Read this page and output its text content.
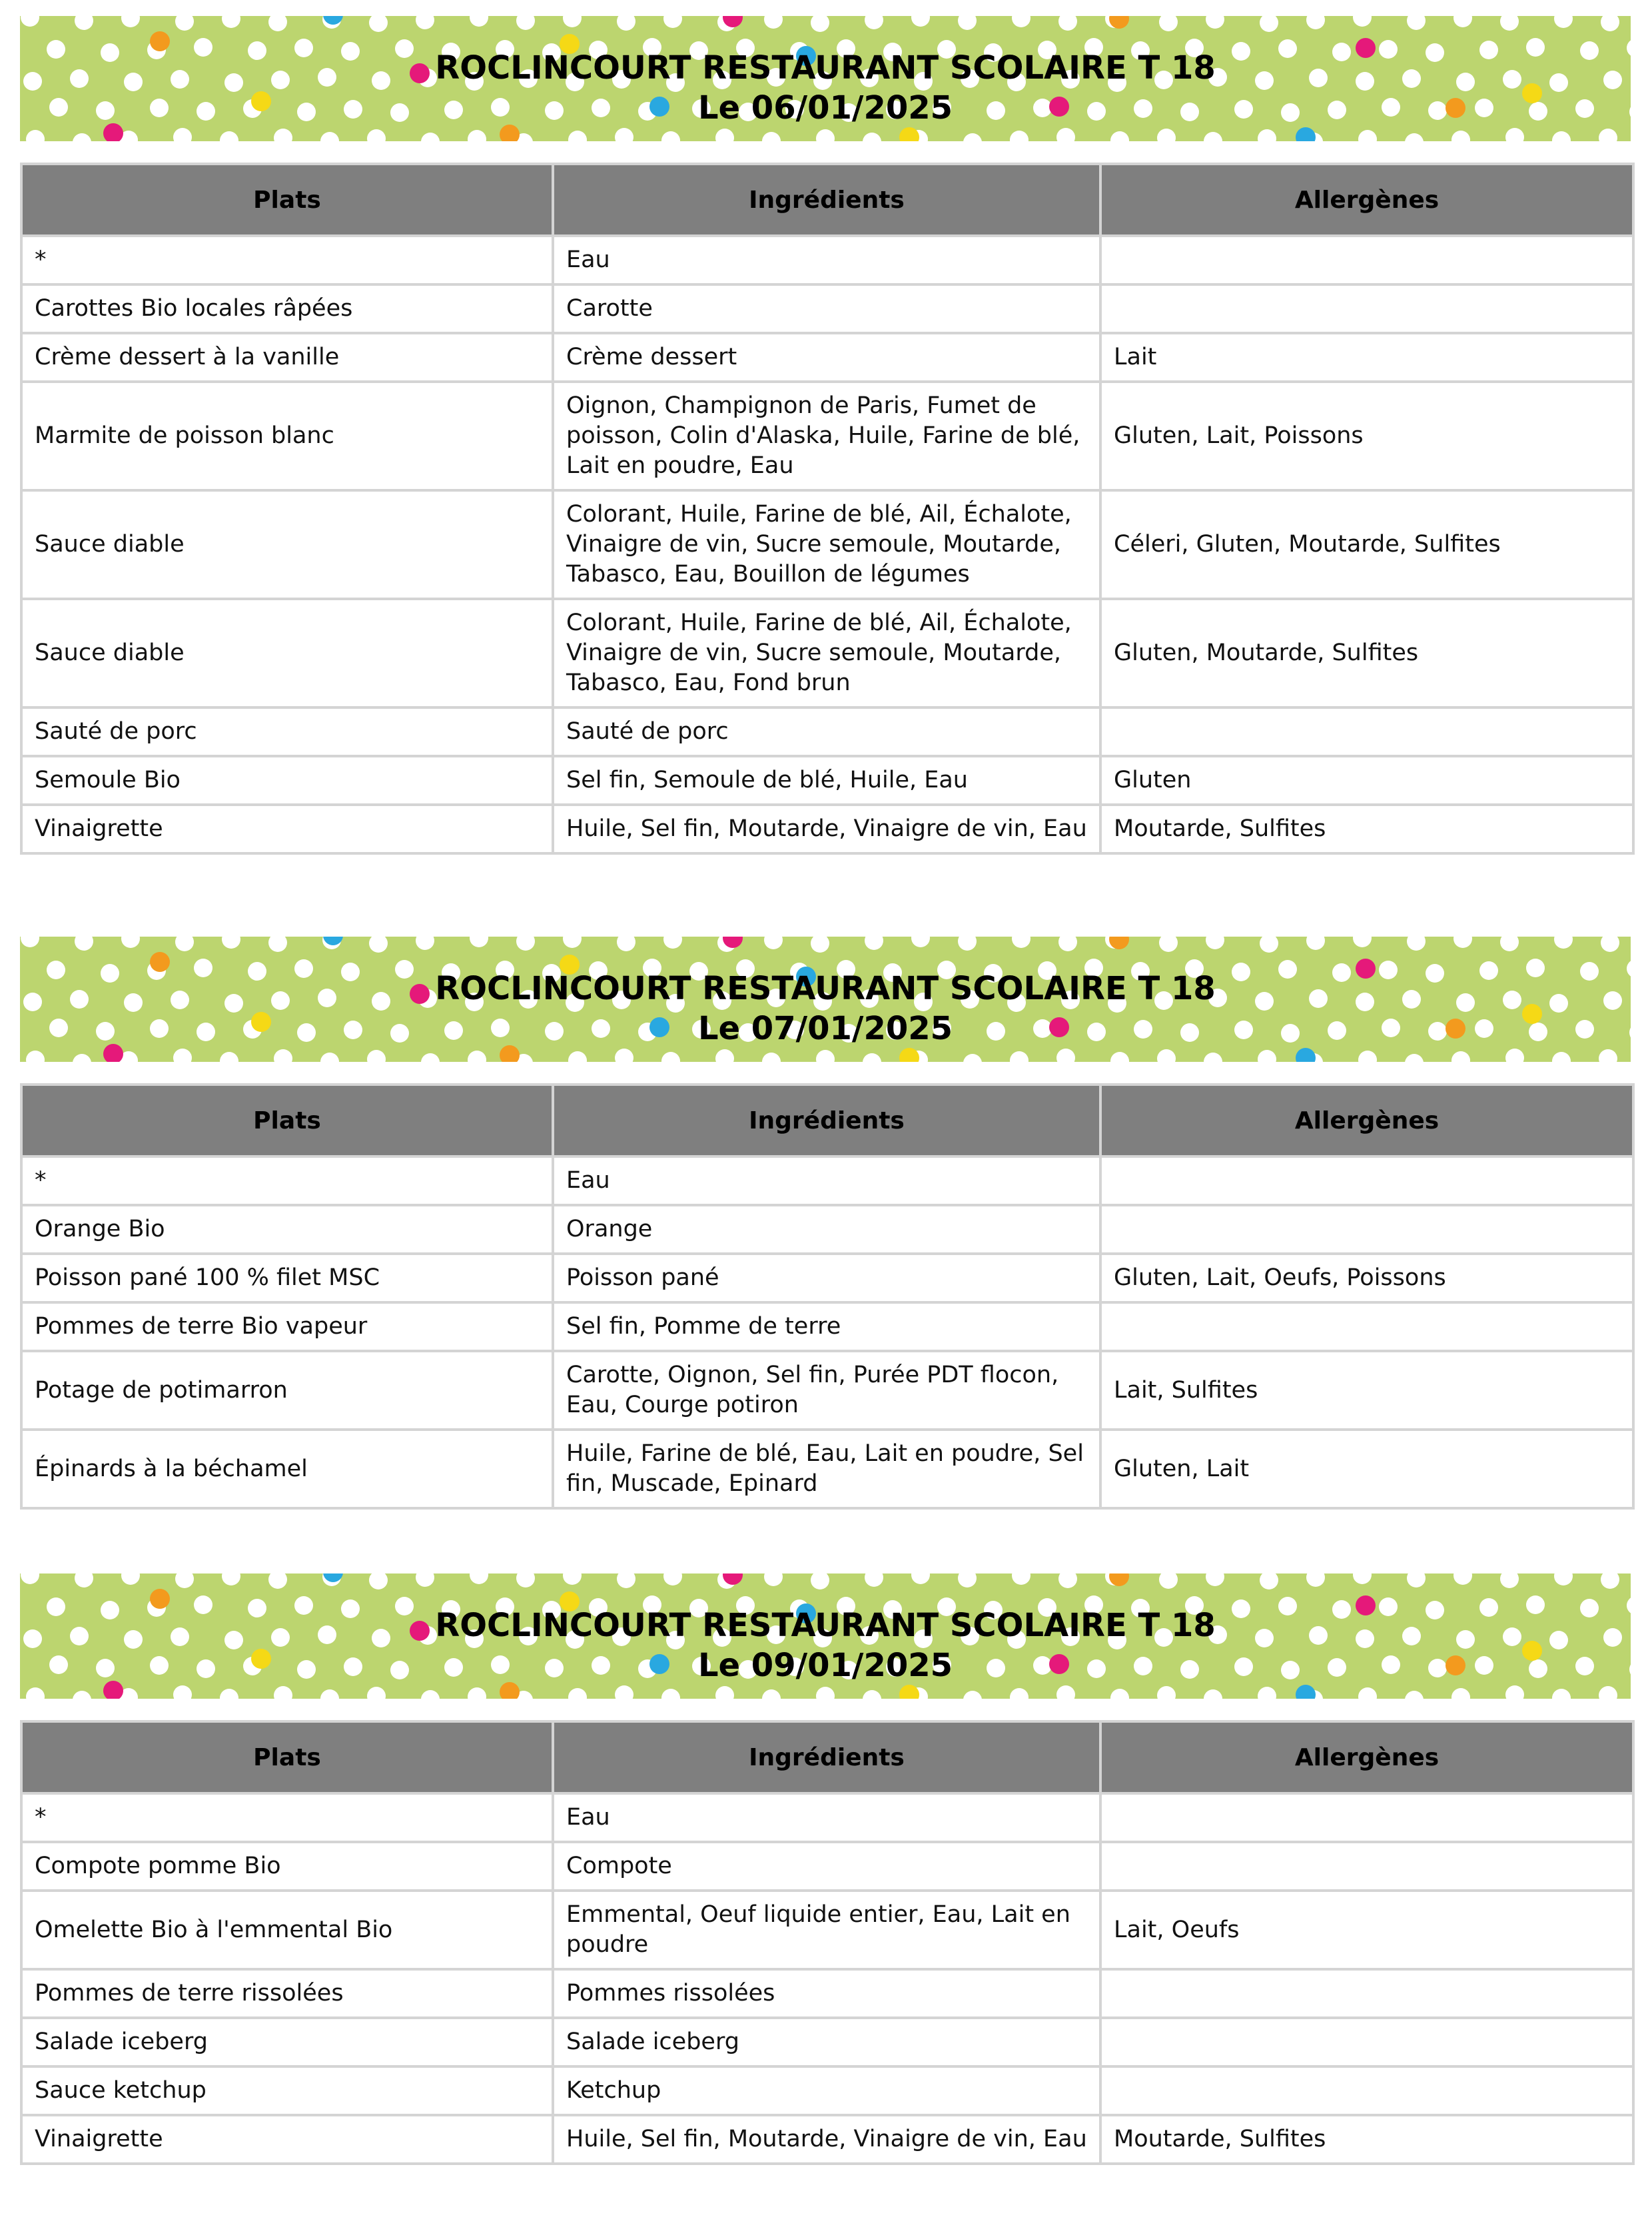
ROCLINCOURT RESTAURANT SCOLAIRE T 18
Le 06/01/2025
Plats	Ingrédients	Allergènes
*	Eau	
Carottes Bio locales râpées	Carotte	
Crème dessert à la vanille	Crème dessert	Lait
Marmite de poisson blanc	Oignon, Champignon de Paris, Fumet de poisson, Colin d'Alaska, Huile, Farine de blé, Lait en poudre, Eau	Gluten, Lait, Poissons
Sauce diable	Colorant, Huile, Farine de blé, Ail, Échalote, Vinaigre de vin, Sucre semoule, Moutarde, Tabasco, Eau, Bouillon de légumes	Céleri, Gluten, Moutarde, Sulfites
Sauce diable	Colorant, Huile, Farine de blé, Ail, Échalote, Vinaigre de vin, Sucre semoule, Moutarde, Tabasco, Eau, Fond brun	Gluten, Moutarde, Sulfites
Sauté de porc	Sauté de porc	
Semoule Bio	Sel fin, Semoule de blé, Huile, Eau	Gluten
Vinaigrette	Huile, Sel fin, Moutarde, Vinaigre de vin, Eau	Moutarde, Sulfites
ROCLINCOURT RESTAURANT SCOLAIRE T 18
Le 07/01/2025
Plats	Ingrédients	Allergènes
*	Eau	
Orange Bio	Orange	
Poisson pané 100 % filet MSC	Poisson pané	Gluten, Lait, Oeufs, Poissons
Pommes de terre Bio vapeur	Sel fin, Pomme de terre	
Potage de potimarron	Carotte, Oignon, Sel fin, Purée PDT flocon, Eau, Courge potiron	Lait, Sulfites
Épinards à la béchamel	Huile, Farine de blé, Eau, Lait en poudre, Sel fin, Muscade, Epinard	Gluten, Lait
ROCLINCOURT RESTAURANT SCOLAIRE T 18
Le 09/01/2025
Plats	Ingrédients	Allergènes
*	Eau	
Compote pomme Bio	Compote	
Omelette Bio à l'emmental Bio	Emmental, Oeuf liquide entier, Eau, Lait en poudre	Lait, Oeufs
Pommes de terre rissolées	Pommes rissolées	
Salade iceberg	Salade iceberg	
Sauce ketchup	Ketchup	
Vinaigrette	Huile, Sel fin, Moutarde, Vinaigre de vin, Eau	Moutarde, Sulfites
